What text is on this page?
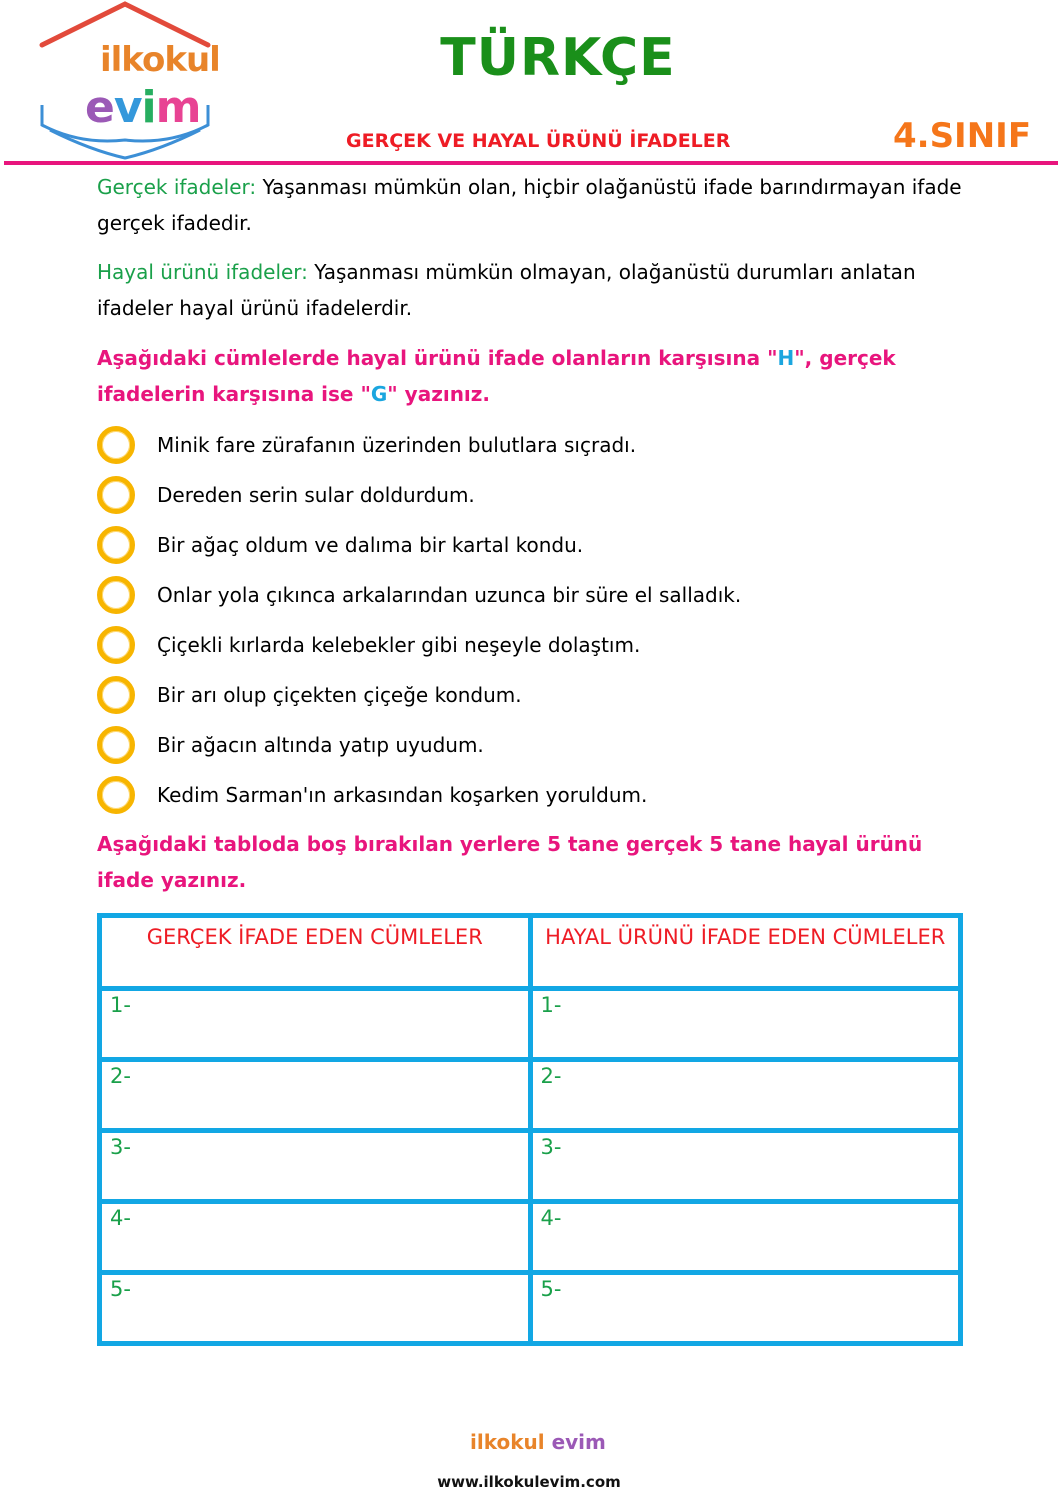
ilkokul
evim
TÜRKÇE
GERÇEK VE HAYAL ÜRÜNÜ İFADELER	4.SINIF
Gerçek ifadeler: Yaşanması mümkün olan, hiçbir olağanüstü ifade barındırmayan ifade gerçek ifadedir.
Hayal ürünü ifadeler: Yaşanması mümkün olmayan, olağanüstü durumları anlatan ifadeler hayal ürünü ifadelerdir.
Aşağıdaki cümlelerde hayal ürünü ifade olanların karşısına "H", gerçek ifadelerin karşısına ise "G" yazınız.
Minik fare zürafanın üzerinden bulutlara sıçradı.
Dereden serin sular doldurdum.
Bir ağaç oldum ve dalıma bir kartal kondu.
Onlar yola çıkınca arkalarından uzunca bir süre el salladık.
Çiçekli kırlarda kelebekler gibi neşeyle dolaştım.
Bir arı olup çiçekten çiçeğe kondum.
Bir ağacın altında yatıp uyudum.
Kedim Sarman'ın arkasından koşarken yoruldum.
Aşağıdaki tabloda boş bırakılan yerlere 5 tane gerçek 5 tane hayal ürünü ifade yazınız.
GERÇEK İFADE EDEN CÜMLELER	HAYAL ÜRÜNÜ İFADE EDEN CÜMLELER
1-	1-
2-	2-
3-	3-
4-	4-
5-	5-
ilkokul evim
www.ilkokulevim.com
